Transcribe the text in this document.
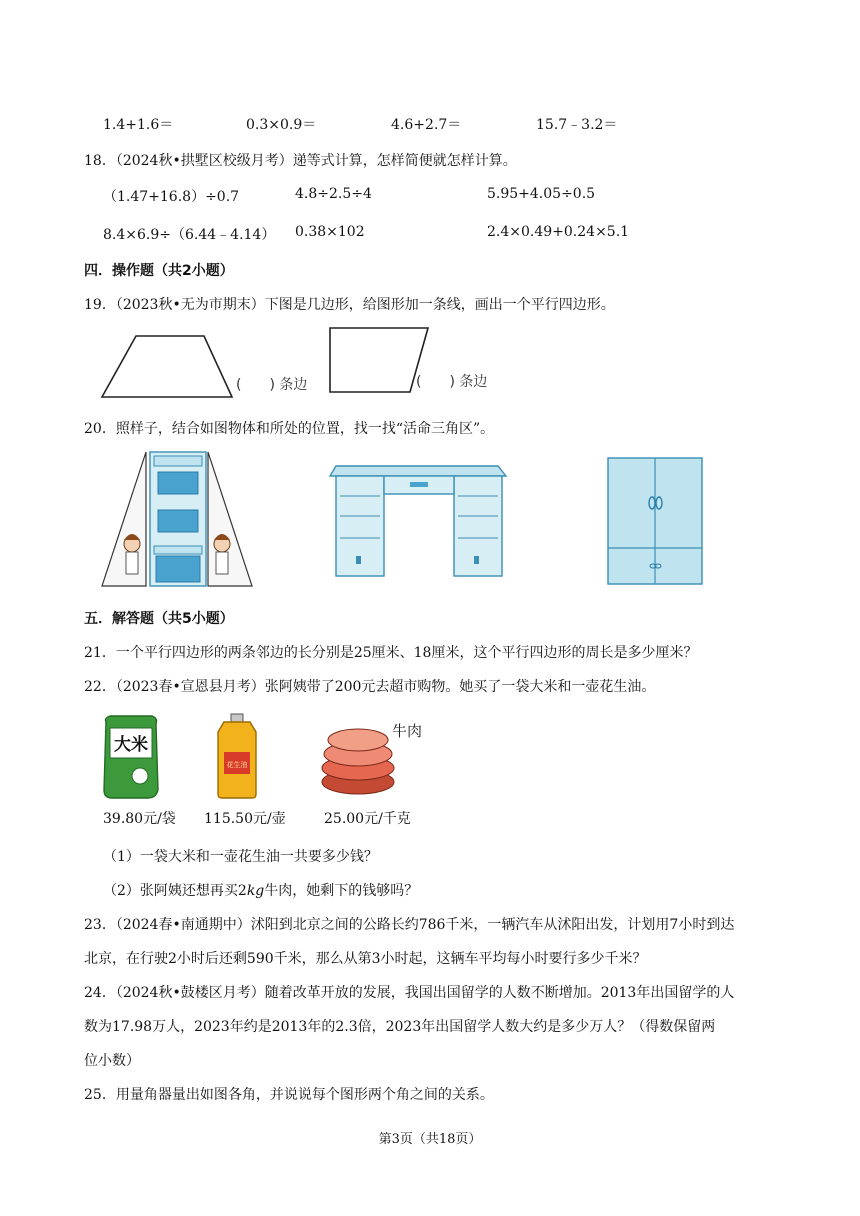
1.4+1.6＝	0.3×0.9＝	4.6+2.7＝	15.7﹣3.2＝
18．（2024秋•拱墅区校级月考）递等式计算，怎样简便就怎样计算。
（1.47+16.8）÷0.7	4.8÷2.5÷4	5.95+4.05÷0.5
8.4×6.9÷（6.44﹣4.14） 0.38×102	2.4×0.49+0.24×5.1
四．操作题（共2小题）
19．（2023秋•无为市期末）下图是几边形，给图形加一条线，画出一个平行四边形。
(　　) 条边	(　　) 条边
20．照样子，结合如图物体和所处的位置，找一找“活命三角区”。
五．解答题（共5小题）
21．一个平行四边形的两条邻边的长分别是25厘米、18厘米，这个平行四边形的周长是多少厘米？
22．（2023春•宣恩县月考）张阿姨带了200元去超市购物。她买了一袋大米和一壶花生油。
大米
花生油
牛肉
39.80元/袋 115.50元/壶	25.00元/千克
（1）一袋大米和一壶花生油一共要多少钱？
（2）张阿姨还想再买2kg牛肉，她剩下的钱够吗？
23．（2024春•南通期中）沭阳到北京之间的公路长约786千米，一辆汽车从沭阳出发，计划用7小时到达
北京，在行驶2小时后还剩590千米，那么从第3小时起，这辆车平均每小时要行多少千米？
24．（2024秋•鼓楼区月考）随着改革开放的发展，我国出国留学的人数不断增加。2013年出国留学的人
数为17.98万人，2023年约是2013年的2.3倍，2023年出国留学人数大约是多少万人？（得数保留两
位小数）
25．用量角器量出如图各角，并说说每个图形两个角之间的关系。
第3页（共18页）
